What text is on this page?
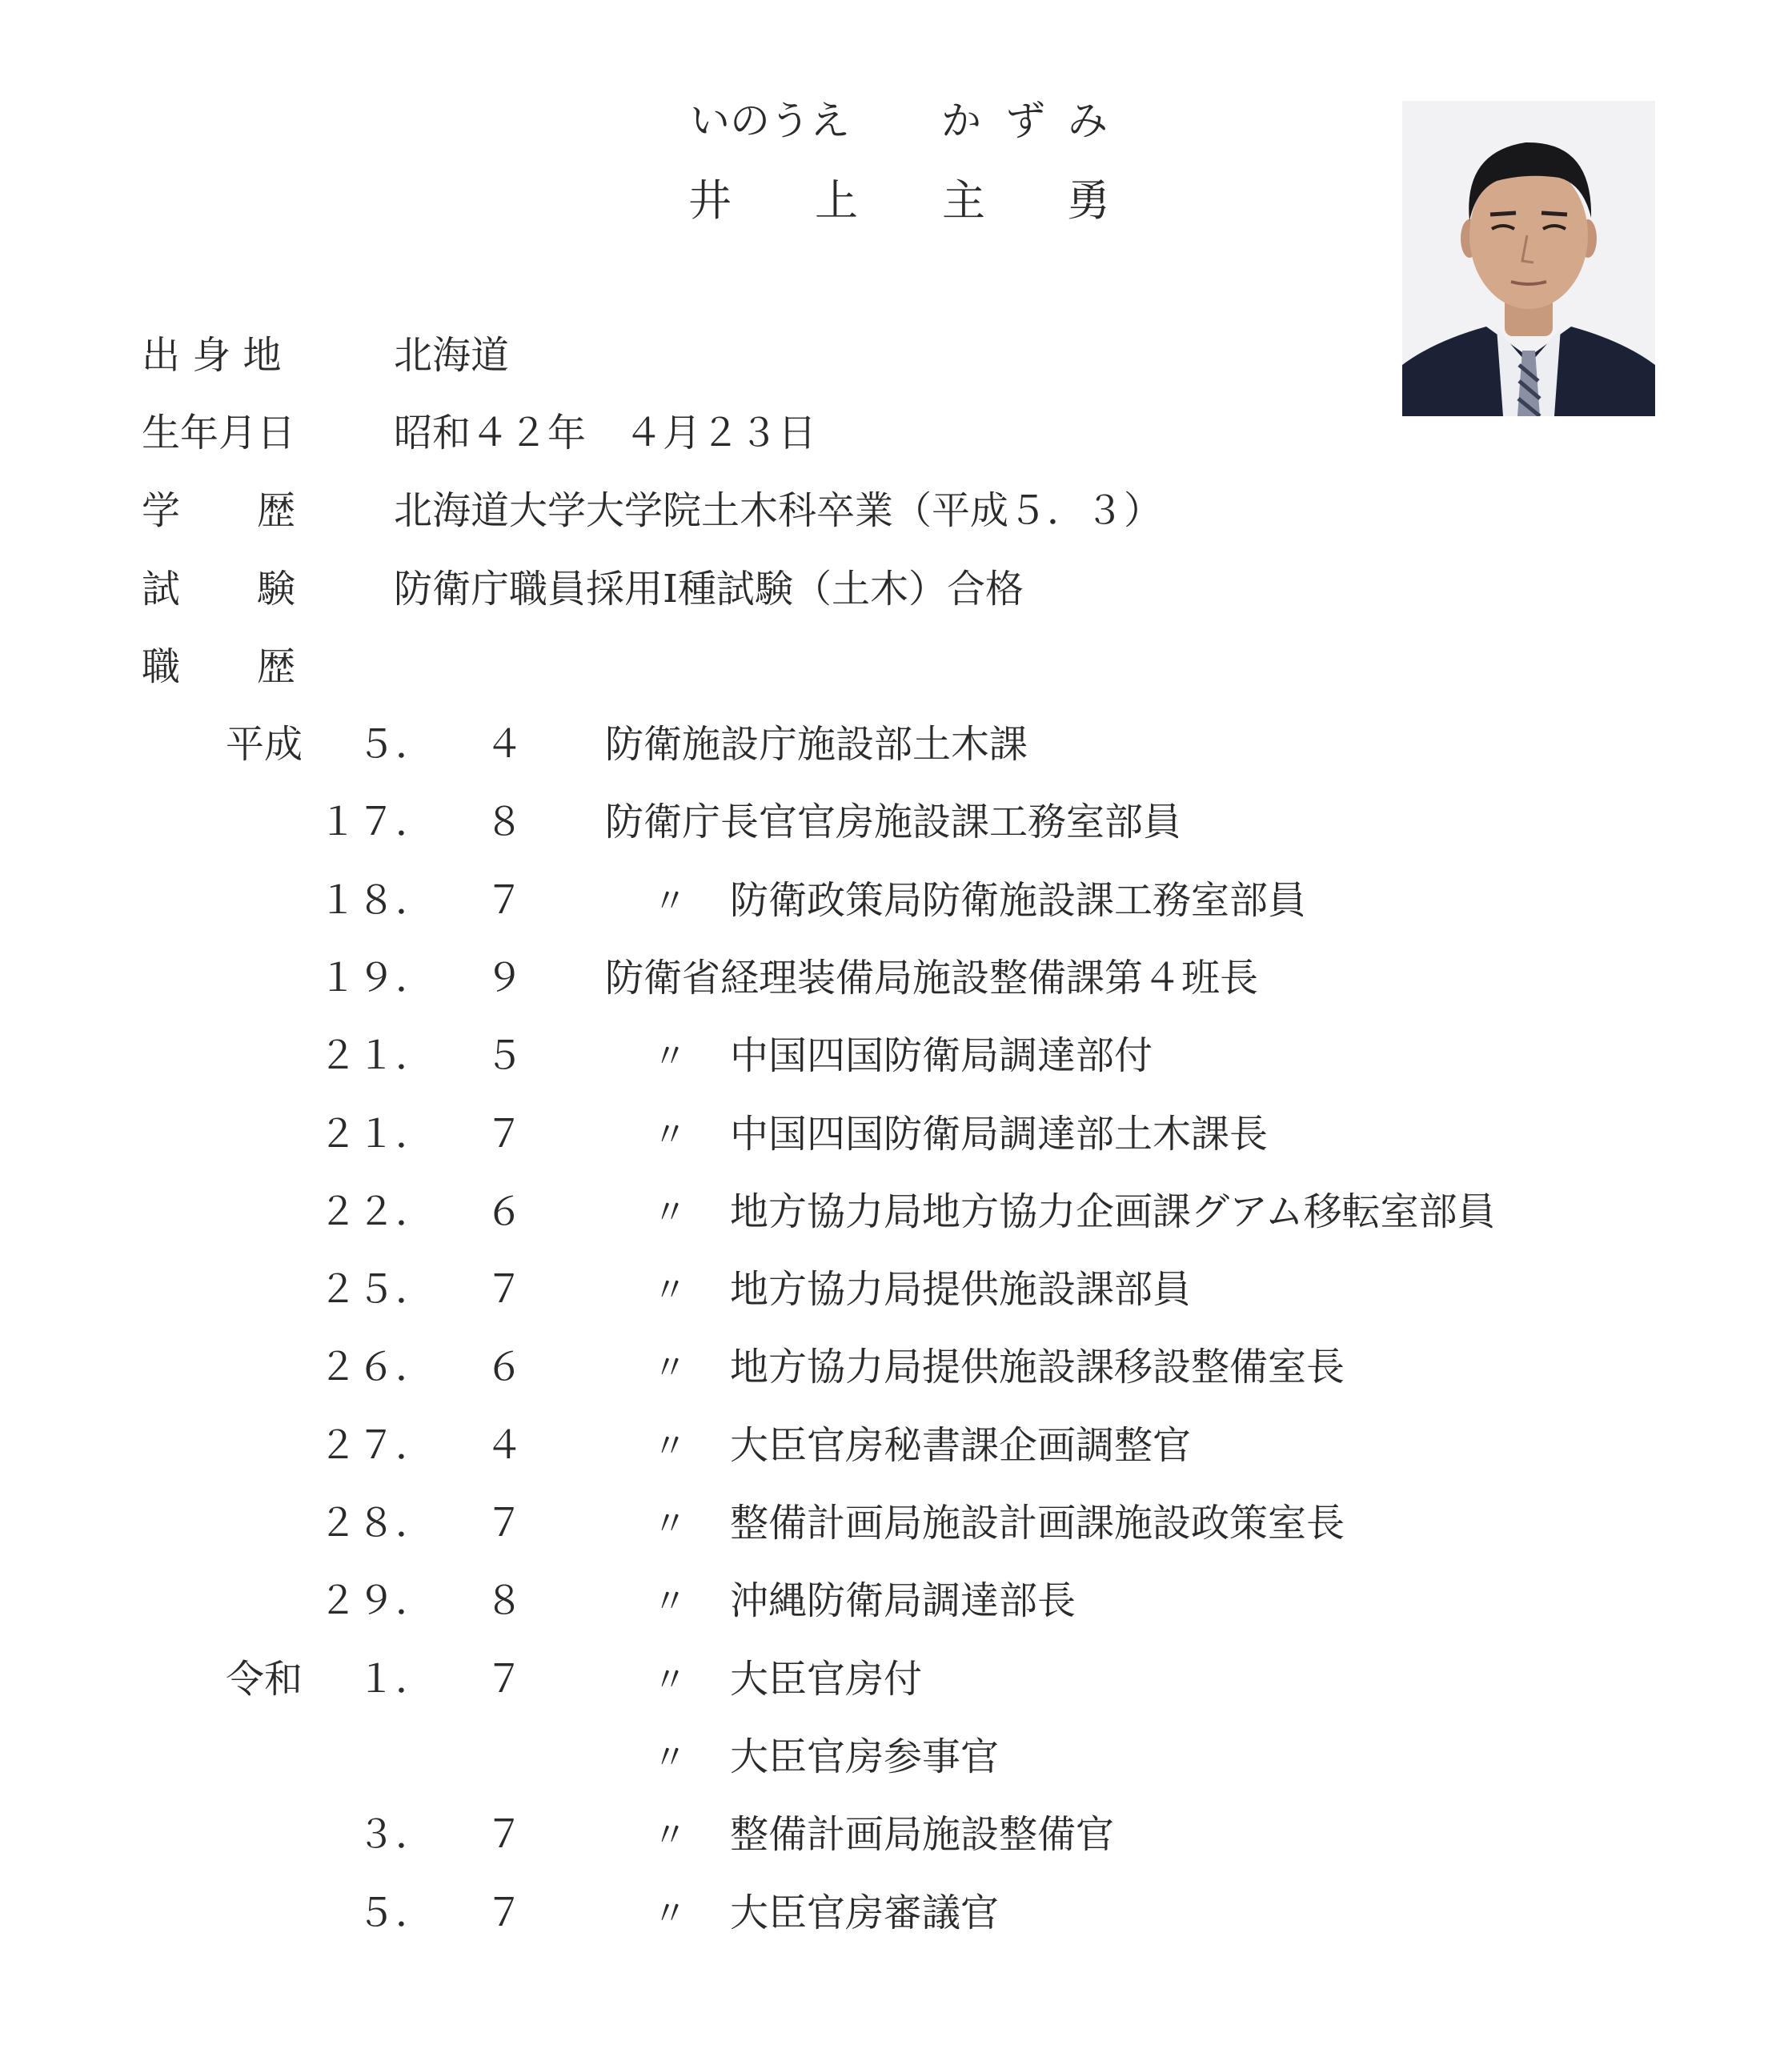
いのうえ か ず み
井 上 主 勇
出 身 地	北海道
生年月日	昭和４２年　４月２３日
学　　歴	北海道大学大学院土木科卒業（平成５．３）
試　　験	防衛庁職員採用Ⅰ種試験（土木）合格
職　　歴
平成 ５．	４ 防衛施設庁施設部土木課
１７． ８ 防衛庁長官官房施設課工務室部員
１８． ７	〃 防衛政策局防衛施設課工務室部員
１９． ９ 防衛省経理装備局施設整備課第４班長
２１． ５	〃 中国四国防衛局調達部付
２１． ７	〃 中国四国防衛局調達部土木課長
２２． ６	〃 地方協力局地方協力企画課グアム移転室部員
２５． ７	〃 地方協力局提供施設課部員
２６． ６	〃 地方協力局提供施設課移設整備室長
２７． ４	〃 大臣官房秘書課企画調整官
２８． ７	〃 整備計画局施設計画課施設政策室長
２９． ８	〃 沖縄防衛局調達部長
令和 １．	７	〃 大臣官房付
〃 大臣官房参事官
３．	７	〃 整備計画局施設整備官
５．	７	〃 大臣官房審議官
